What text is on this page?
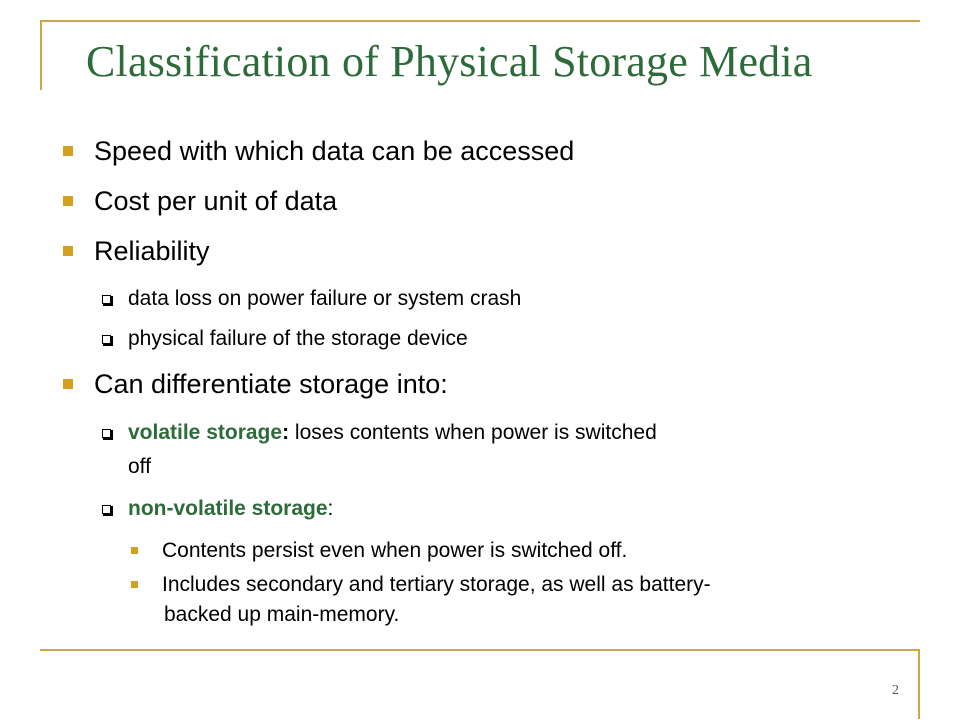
Classification of Physical Storage Media
Speed with which data can be accessed
Cost per unit of data
Reliability
data loss on power failure or system crash
physical failure of the storage device
Can differentiate storage into:
volatile storage: loses contents when power is switched
off
non-volatile storage:
Contents persist even when power is switched off.
Includes secondary and tertiary storage, as well as battery-
backed up main-memory.
2
